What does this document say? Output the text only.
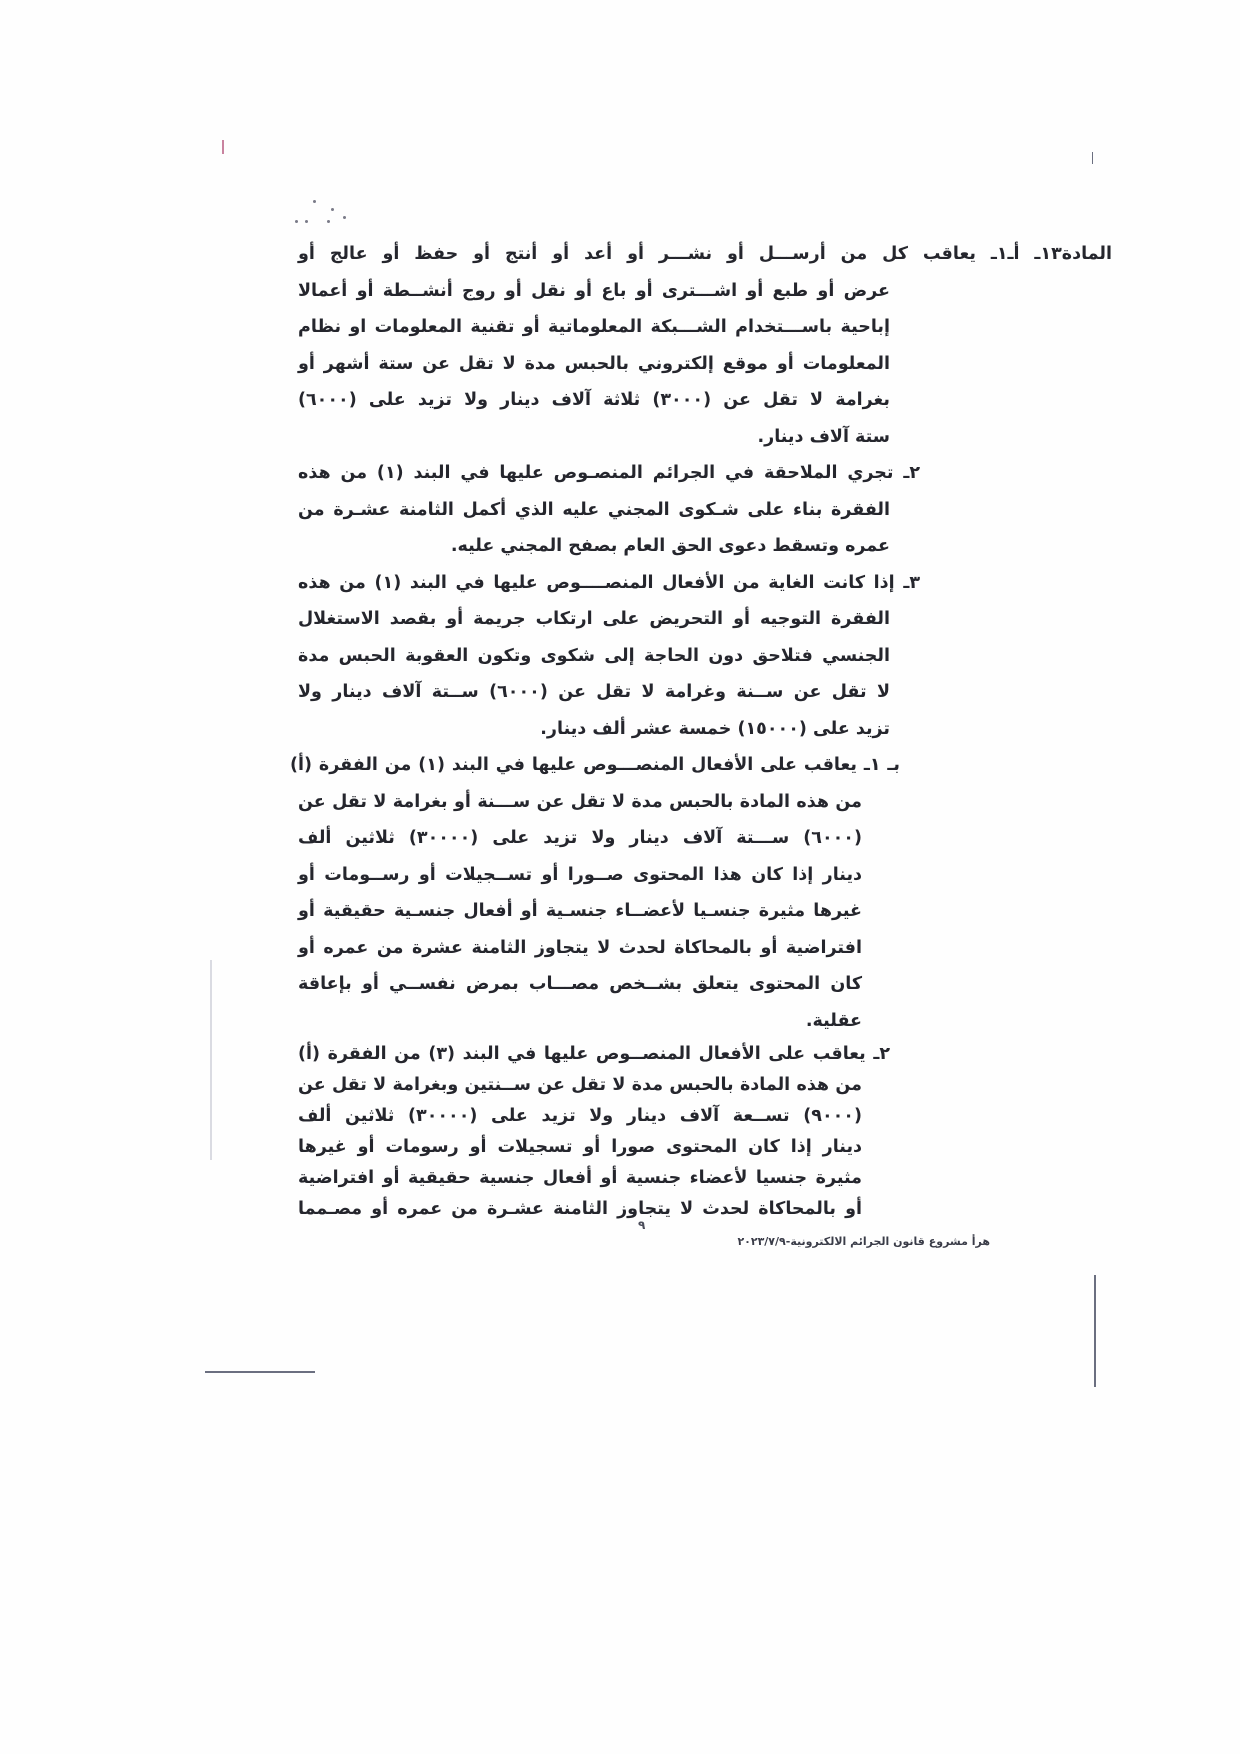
المادة١٣ـ أـ١ـ يعاقب كل من أرســـل أو نشـــر أو أعد أو أنتج أو حفظ أو عالج أو
عرض أو طبع أو اشـــترى أو باع أو نقل أو روج أنشــطة أو أعمالا
إباحية باســـتخدام الشـــبكة المعلوماتية أو تقنية المعلومات او نظام
المعلومات أو موقع إلكتروني بالحبس مدة لا تقل عن ستة أشهر أو
بغرامة لا تقل عن (٣٠٠٠) ثلاثة آلاف دينار ولا تزيد على (٦٠٠٠)
ستة آلاف دينار.
٢ـ تجري الملاحقة في الجرائم المنصـوص عليها في البند (١) من هذه
الفقرة بناء على شـكوى المجني عليه الذي أكمل الثامنة عشـرة من
عمره وتسقط دعوى الحق العام بصفح المجني عليه.
٣ـ إذا كانت الغاية من الأفعال المنصــــوص عليها في البند (١) من هذه
الفقرة التوجيه أو التحريض على ارتكاب جريمة أو بقصد الاستغلال
الجنسي فتلاحق دون الحاجة إلى شكوى وتكون العقوبة الحبس مدة
لا تقل عن ســنة وغرامة لا تقل عن (٦٠٠٠) ســتة آلاف دينار ولا
تزيد على (١٥٠٠٠) خمسة عشر ألف دينار.
بـ ١ـ يعاقب على الأفعال المنصـــوص عليها في البند (١) من الفقرة (أ)
من هذه المادة بالحبس مدة لا تقل عن ســـنة أو بغرامة لا تقل عن
(٦٠٠٠) ســـتة آلاف دينار ولا تزيد على (٣٠٠٠٠) ثلاثين ألف
دينار إذا كان هذا المحتوى صــورا أو تســجيلات أو رســومات أو
غيرها مثيرة جنسـيا لأعضــاء جنسـية أو أفعال جنسـية حقيقية أو
افتراضية أو بالمحاكاة لحدث لا يتجاوز الثامنة عشرة من عمره أو
كان المحتوى يتعلق بشــخص مصـــاب بمرض نفســي أو بإعاقة
عقلية.
٢ـ يعاقب على الأفعال المنصــوص عليها في البند (٣) من الفقرة (أ)
من هذه المادة بالحبس مدة لا تقل عن ســنتين وبغرامة لا تقل عن
(٩٠٠٠) تســعة آلاف دينار ولا تزيد على (٣٠٠٠٠) ثلاثين ألف
دينار إذا كان المحتوى صورا أو تسجيلات أو رسومات أو غيرها
مثيرة جنسيا لأعضاء جنسية أو أفعال جنسية حقيقية أو افتراضية
أو بالمحاكاة لحدث لا يتجاوز الثامنة عشـرة من عمره أو مصـمما
٩
هرأ مشروع قانون الجرائم الالكترونية-٢٠٢٣/٧/٩
